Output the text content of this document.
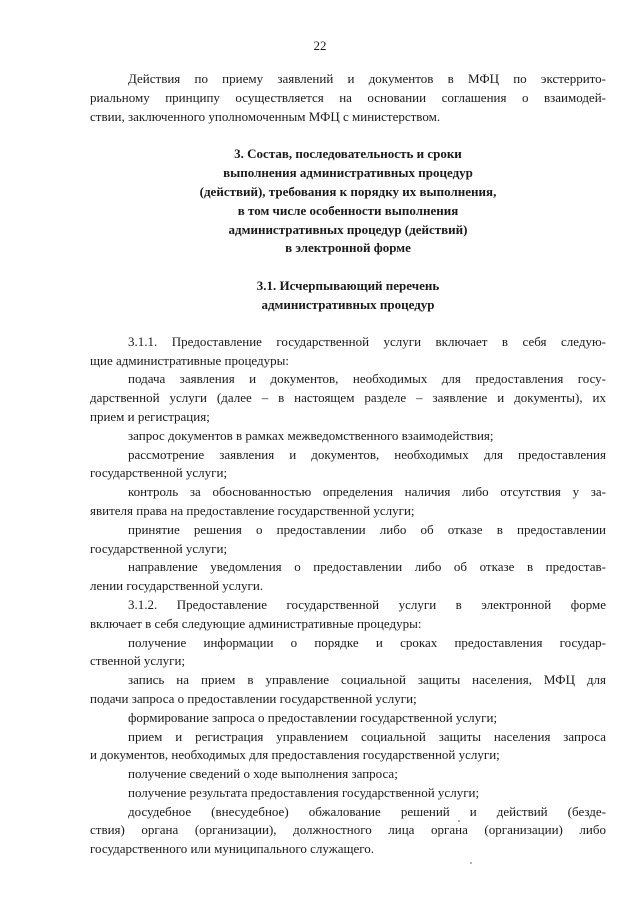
22

Действия по приему заявлений и документов в МФЦ по экстеррито-
риальному принципу осуществляется на основании соглашения о взаимодей-
ствии, заключенного уполномоченным МФЦ с министерством.

3. Состав, последовательность и сроки
выполнения административных процедур
(действий), требования к порядку их выполнения,
в том числе особенности выполнения
административных процедур (действий)
в электронной форме
3.1. Исчерпывающий перечень
административных процедур
3.1.1. Предоставление государственной услуги включает в себя следую-
щие административные процедуры:
подача заявления и документов, необходимых для предоставления госу-
дарственной услуги (далее – в настоящем разделе – заявление и документы), их
прием и регистрация;
запрос документов в рамках межведомственного взаимодействия;
рассмотрение заявления и документов, необходимых для предоставления
государственной услуги;
контроль за обоснованностью определения наличия либо отсутствия у за-
явителя права на предоставление государственной услуги;
принятие решения о предоставлении либо об отказе в предоставлении
государственной услуги;
направление уведомления о предоставлении либо об отказе в предостав-
лении государственной услуги.
3.1.2. Предоставление государственной услуги в электронной форме
включает в себя следующие административные процедуры:
получение информации о порядке и сроках предоставления государ-
ственной услуги;
запись на прием в управление социальной защиты населения, МФЦ для
подачи запроса о предоставлении государственной услуги;
формирование запроса о предоставлении государственной услуги;
прием и регистрация управлением социальной защиты населения запроса
и документов, необходимых для предоставления государственной услуги;
получение сведений о ходе выполнения запроса;
получение результата предоставления государственной услуги;
досудебное (внесудебное) обжалование решений и действий (безде-
ствия) органа (организации), должностного лица органа (организации) либо
государственного или муниципального служащего.
